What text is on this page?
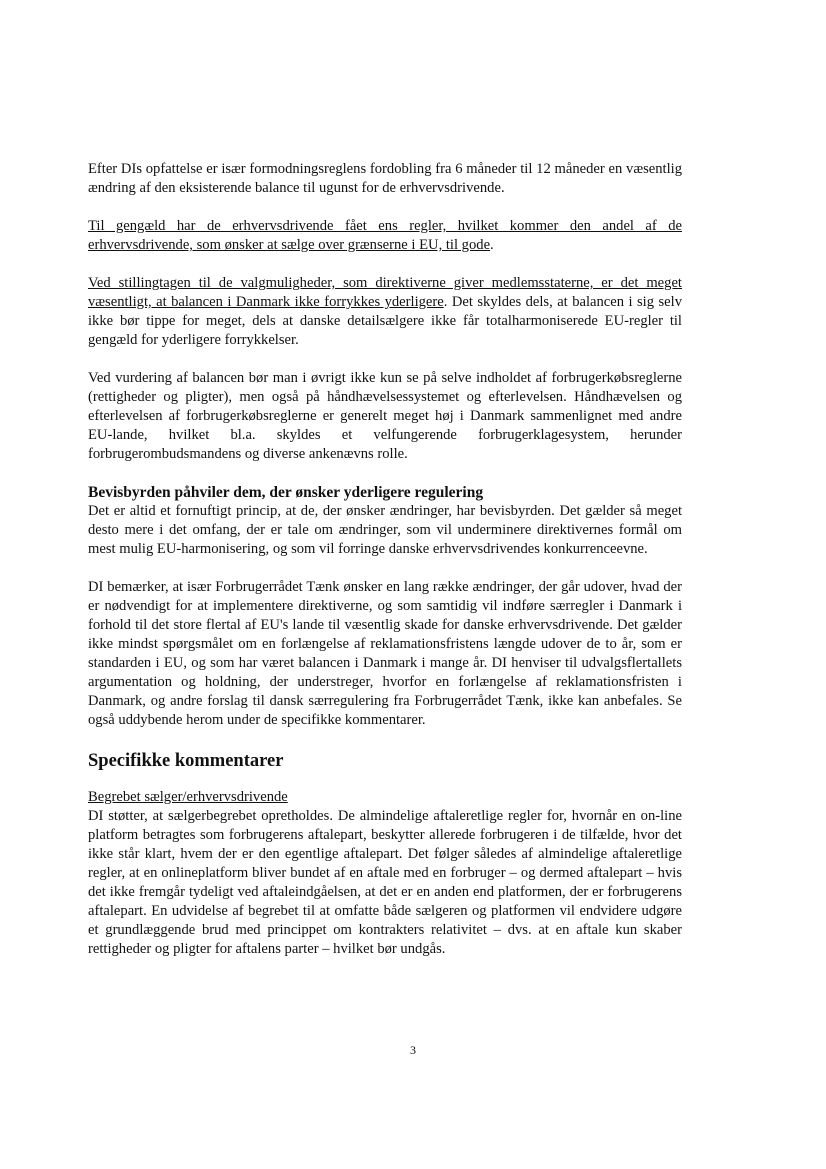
Efter DIs opfattelse er især formodningsreglens fordobling fra 6 måneder til 12 måneder en væsentlig ændring af den eksisterende balance til ugunst for de erhvervsdrivende.

Til gengæld har de erhvervsdrivende fået ens regler, hvilket kommer den andel af de erhvervsdrivende, som ønsker at sælge over grænserne i EU, til gode.

Ved stillingtagen til de valgmuligheder, som direktiverne giver medlemsstaterne, er det meget væsentligt, at balancen i Danmark ikke forrykkes yderligere. Det skyldes dels, at balancen i sig selv ikke bør tippe for meget, dels at danske detailsælgere ikke får totalharmoniserede EU-regler til gengæld for yderligere forrykkelser.

Ved vurdering af balancen bør man i øvrigt ikke kun se på selve indholdet af forbrugerkøbsreglerne (rettigheder og pligter), men også på håndhævelsessystemet og efterlevelsen. Håndhævelsen og efterlevelsen af forbrugerkøbsreglerne er generelt meget høj i Danmark sammenlignet med andre EU-lande, hvilket bl.a. skyldes et velfungerende forbrugerklagesystem, herunder forbrugerombudsmandens og diverse ankenævns rolle.

Bevisbyrden påhviler dem, der ønsker yderligere regulering

Det er altid et fornuftigt princip, at de, der ønsker ændringer, har bevisbyrden. Det gælder så meget desto mere i det omfang, der er tale om ændringer, som vil underminere direktivernes formål om mest mulig EU-harmonisering, og som vil forringe danske erhvervsdrivendes konkurrenceevne.

DI bemærker, at især Forbrugerrådet Tænk ønsker en lang række ændringer, der går udover, hvad der er nødvendigt for at implementere direktiverne, og som samtidig vil indføre særregler i Danmark i forhold til det store flertal af EU's lande til væsentlig skade for danske erhvervsdrivende. Det gælder ikke mindst spørgsmålet om en forlængelse af reklamationsfristens længde udover de to år, som er standarden i EU, og som har været balancen i Danmark i mange år. DI henviser til udvalgsflertallets argumentation og holdning, der understreger, hvorfor en forlængelse af reklamationsfristen i Danmark, og andre forslag til dansk særregulering fra Forbrugerrådet Tænk, ikke kan anbefales. Se også uddybende herom under de specifikke kommentarer.

Specifikke kommentarer
Begrebet sælger/erhvervsdrivende

DI støtter, at sælgerbegrebet opretholdes. De almindelige aftaleretlige regler for, hvornår en on-line platform betragtes som forbrugerens aftalepart, beskytter allerede forbrugeren i de tilfælde, hvor det ikke står klart, hvem der er den egentlige aftalepart. Det følger således af almindelige aftaleretlige regler, at en onlineplatform bliver bundet af en aftale med en forbruger – og dermed aftalepart – hvis det ikke fremgår tydeligt ved aftaleindgåelsen, at det er en anden end platformen, der er forbrugerens aftalepart. En udvidelse af begrebet til at omfatte både sælgeren og platformen vil endvidere udgøre et grundlæggende brud med princippet om kontrakters relativitet – dvs. at en aftale kun skaber rettigheder og pligter for aftalens parter – hvilket bør undgås.

3
